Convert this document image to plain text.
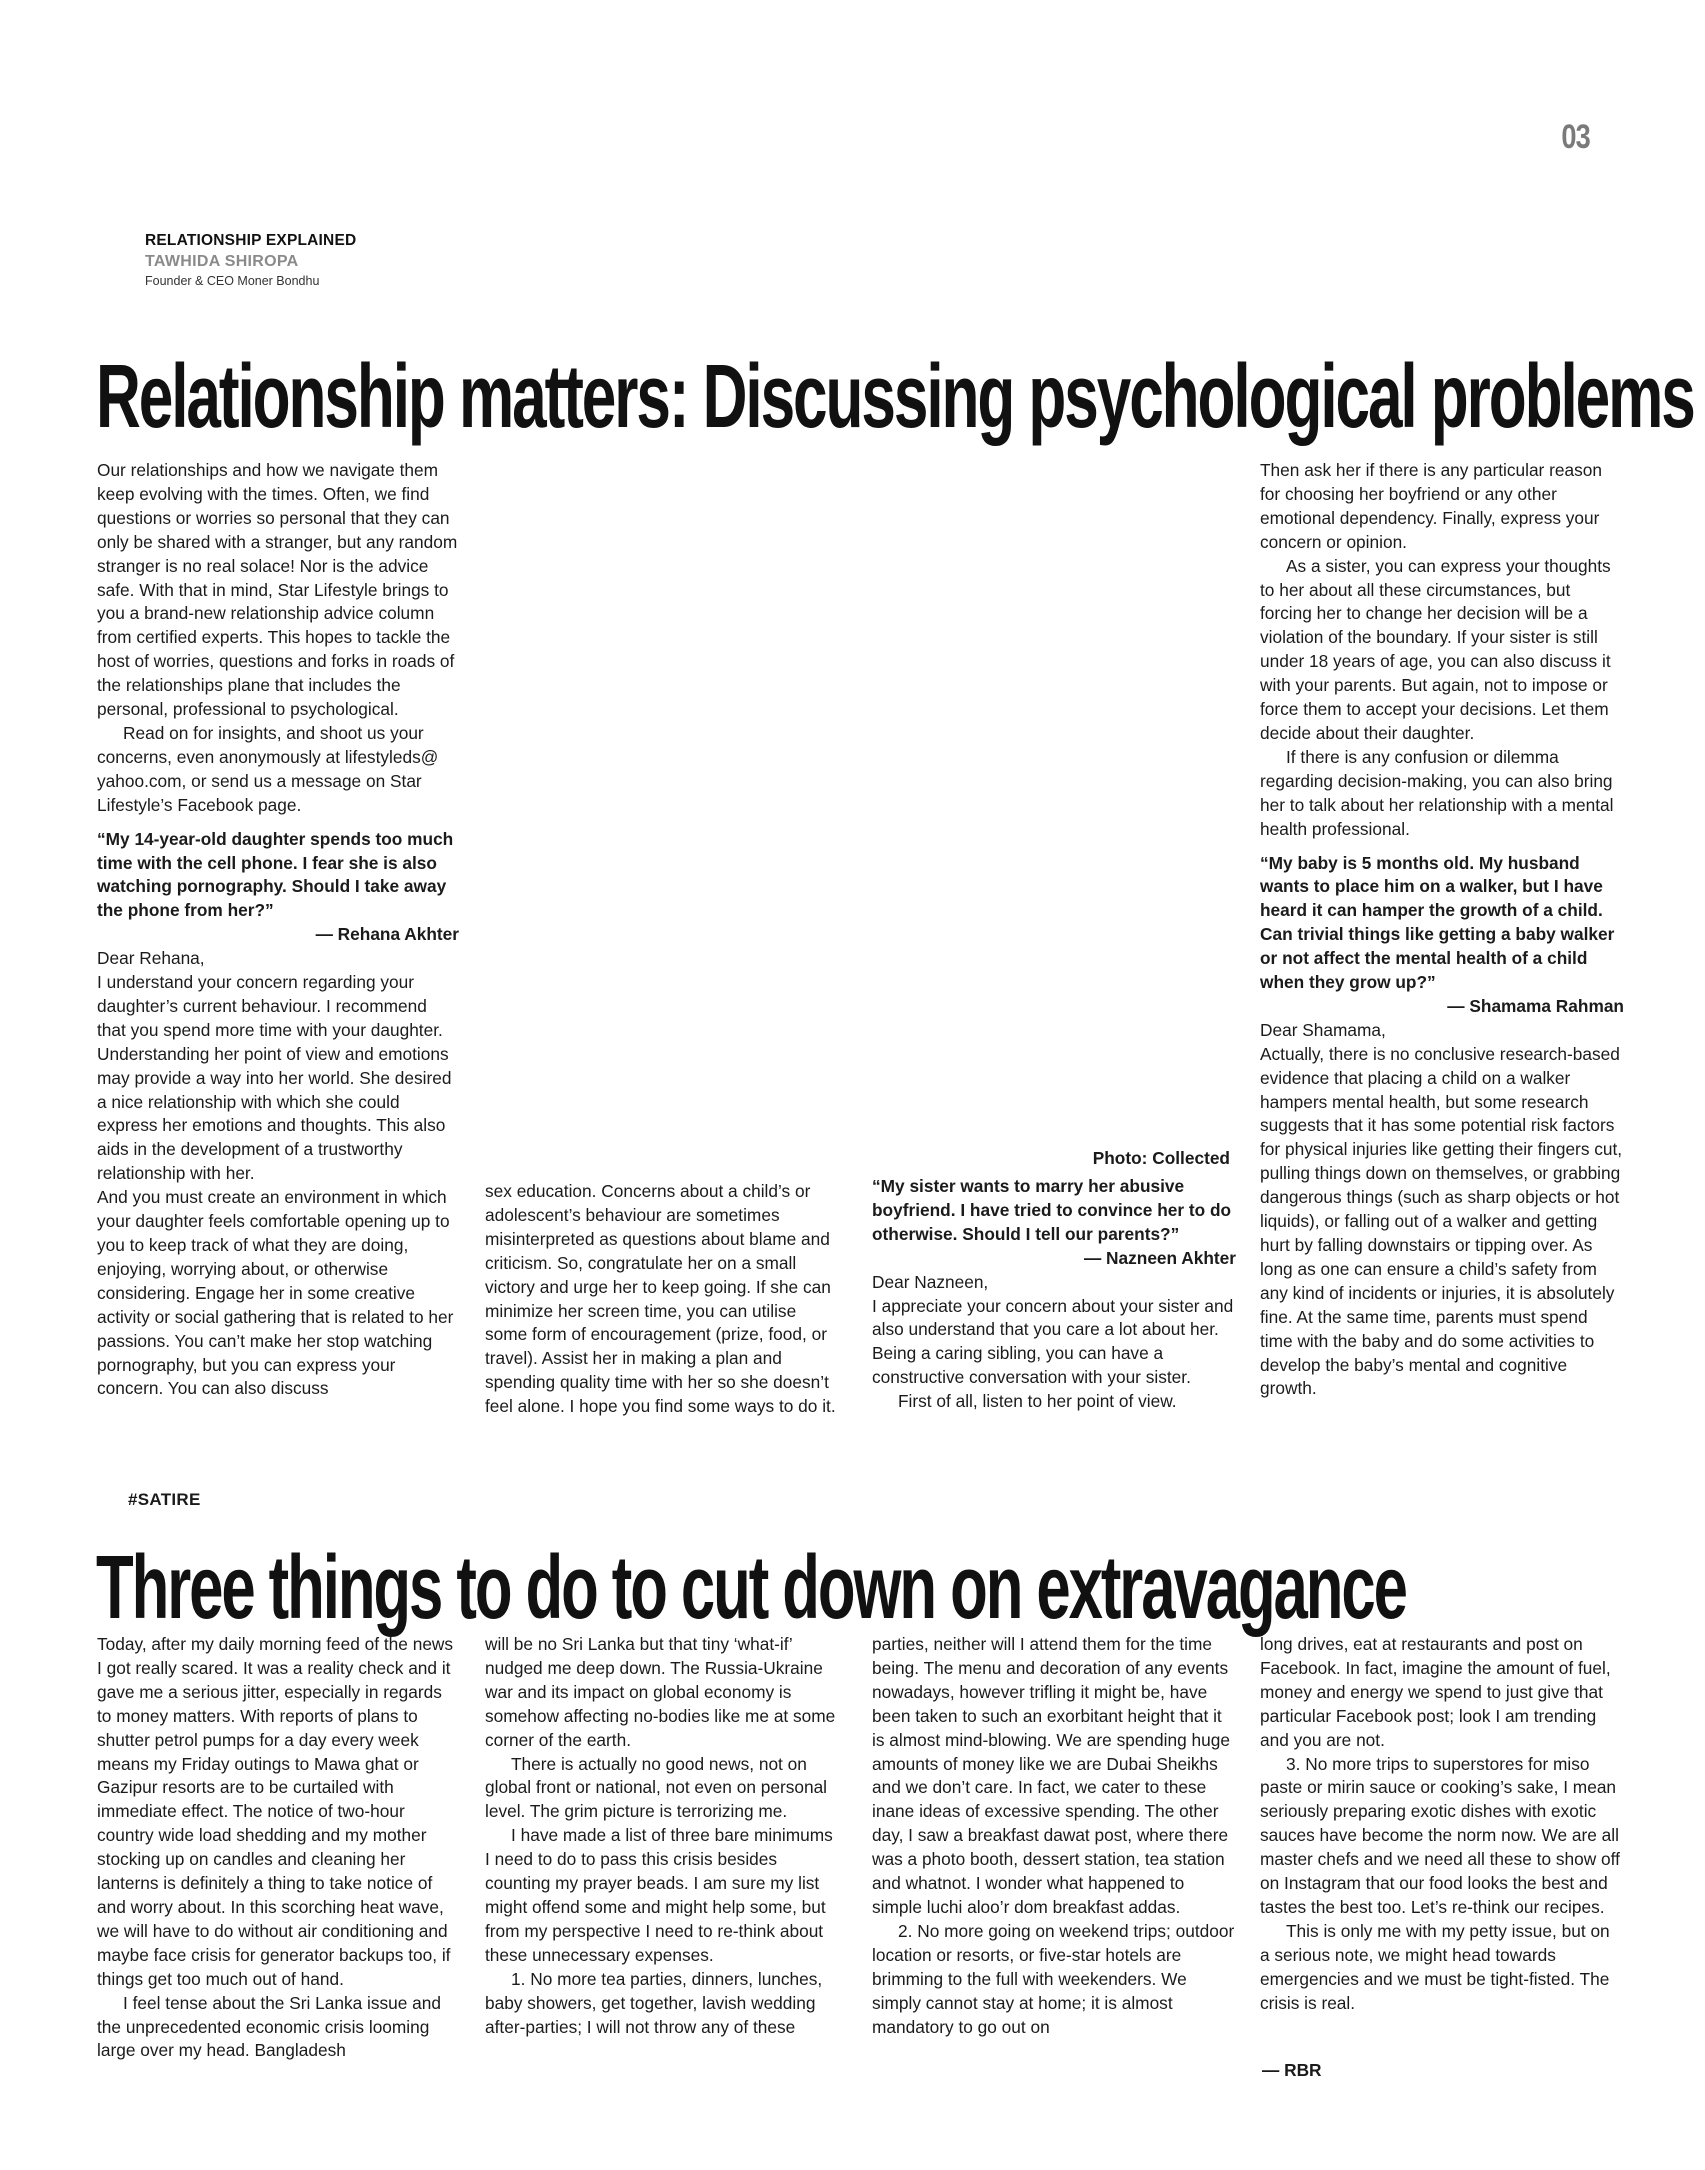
03
RELATIONSHIP EXPLAINED
TAWHIDA SHIROPA
Founder & CEO Moner Bondhu
Relationship matters: Discussing psychological problems

Our relationships and how we navigate them keep evolving with the times. Often, we find questions or worries so personal that they can only be shared with a stranger, but any random stranger is no real solace! Nor is the advice safe. With that in mind, Star Lifestyle brings to you a brand-new relationship advice column from certified experts. This hopes to tackle the host of worries, questions and forks in roads of the relationships plane that includes the personal, professional to psychological.

Read on for insights, and shoot us your concerns, even anonymously at lifestyleds@ yahoo.com, or send us a message on Star Lifestyle’s Facebook page.

“My 14-year-old daughter spends too much time with the cell phone. I fear she is also watching pornography. Should I take away the phone from her?”
— Rehana Akhter

Dear Rehana,

I understand your concern regarding your daughter’s current behaviour. I recommend that you spend more time with your daughter. Understanding her point of view and emotions may provide a way into her world. She desired a nice relationship with which she could express her emotions and thoughts. This also aids in the development of a trustworthy relationship with her.

And you must create an environment in which your daughter feels comfortable opening up to you to keep track of what they are doing, enjoying, worrying about, or otherwise considering. Engage her in some creative activity or social gathering that is related to her passions. You can’t make her stop watching pornography, but you can express your concern. You can also discuss

sex education. Concerns about a child’s or adolescent’s behaviour are sometimes misinterpreted as questions about blame and criticism. So, congratulate her on a small victory and urge her to keep going. If she can minimize her screen time, you can utilise some form of encouragement (prize, food, or travel). Assist her in making a plan and spending quality time with her so she doesn’t feel alone. I hope you find some ways to do it.

Photo: Collected
“My sister wants to marry her abusive boyfriend. I have tried to convince her to do otherwise. Should I tell our parents?”
— Nazneen Akhter

Dear Nazneen,

I appreciate your concern about your sister and also understand that you care a lot about her. Being a caring sibling, you can have a constructive conversation with your sister.

First of all, listen to her point of view.

Then ask her if there is any particular reason for choosing her boyfriend or any other emotional dependency. Finally, express your concern or opinion.

As a sister, you can express your thoughts to her about all these circumstances, but forcing her to change her decision will be a violation of the boundary. If your sister is still under 18 years of age, you can also discuss it with your parents. But again, not to impose or force them to accept your decisions. Let them decide about their daughter.

If there is any confusion or dilemma regarding decision-making, you can also bring her to talk about her relationship with a mental health professional.

“My baby is 5 months old. My husband wants to place him on a walker, but I have heard it can hamper the growth of a child. Can trivial things like getting a baby walker or not affect the mental health of a child when they grow up?”
— Shamama Rahman

Dear Shamama,

Actually, there is no conclusive research-based evidence that placing a child on a walker hampers mental health, but some research suggests that it has some potential risk factors for physical injuries like getting their fingers cut, pulling things down on themselves, or grabbing dangerous things (such as sharp objects or hot liquids), or falling out of a walker and getting hurt by falling downstairs or tipping over. As long as one can ensure a child’s safety from any kind of incidents or injuries, it is absolutely fine. At the same time, parents must spend time with the baby and do some activities to develop the baby’s mental and cognitive growth.

#SATIRE
Three things to do to cut down on extravagance

Today, after my daily morning feed of the news I got really scared. It was a reality check and it gave me a serious jitter, especially in regards to money matters. With reports of plans to shutter petrol pumps for a day every week means my Friday outings to Mawa ghat or Gazipur resorts are to be curtailed with immediate effect. The notice of two-hour country wide load shedding and my mother stocking up on candles and cleaning her lanterns is definitely a thing to take notice of and worry about. In this scorching heat wave, we will have to do without air conditioning and maybe face crisis for generator backups too, if things get too much out of hand.

I feel tense about the Sri Lanka issue and the unprecedented economic crisis looming large over my head. Bangladesh

will be no Sri Lanka but that tiny ‘what-if’ nudged me deep down. The Russia-Ukraine war and its impact on global economy is somehow affecting no-bodies like me at some corner of the earth.

There is actually no good news, not on global front or national, not even on personal level. The grim picture is terrorizing me.

I have made a list of three bare minimums I need to do to pass this crisis besides counting my prayer beads. I am sure my list might offend some and might help some, but from my perspective I need to re-think about these unnecessary expenses.

1. No more tea parties, dinners, lunches, baby showers, get together, lavish wedding after-parties; I will not throw any of these

parties, neither will I attend them for the time being. The menu and decoration of any events nowadays, however trifling it might be, have been taken to such an exorbitant height that it is almost mind-blowing. We are spending huge amounts of money like we are Dubai Sheikhs and we don’t care. In fact, we cater to these inane ideas of excessive spending. The other day, I saw a breakfast dawat post, where there was a photo booth, dessert station, tea station and whatnot. I wonder what happened to simple luchi aloo’r dom breakfast addas.

2. No more going on weekend trips; outdoor location or resorts, or five-star hotels are brimming to the full with weekenders. We simply cannot stay at home; it is almost mandatory to go out on

long drives, eat at restaurants and post on Facebook. In fact, imagine the amount of fuel, money and energy we spend to just give that particular Facebook post; look I am trending and you are not.

3. No more trips to superstores for miso paste or mirin sauce or cooking’s sake, I mean seriously preparing exotic dishes with exotic sauces have become the norm now. We are all master chefs and we need all these to show off on Instagram that our food looks the best and tastes the best too. Let’s re-think our recipes.

This is only me with my petty issue, but on a serious note, we might head towards emergencies and we must be tight-fisted. The crisis is real.

— RBR
